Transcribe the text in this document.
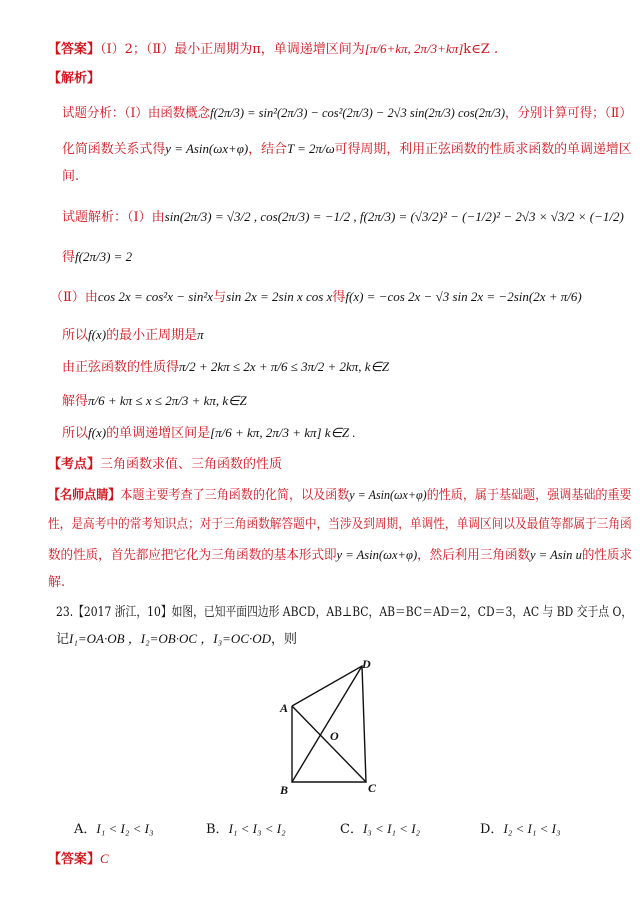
【答案】（Ⅰ）2；（Ⅱ）最小正周期为π，单调递增区间为[π/6+kπ, 2π/3+kπ]k∈Z .
【解析】
试题分析：（Ⅰ）由函数概念f(2π/3) = sin²(2π/3) − cos²(2π/3) − 2√3 sin(2π/3) cos(2π/3)，分别计算可得；（Ⅱ）
化简函数关系式得y = Asin(ωx+φ)，结合T = 2π/ω可得周期，利用正弦函数的性质求函数的单调递增区
间.
试题解析：（Ⅰ）由sin(2π/3) = √3/2 , cos(2π/3) = −1/2 , f(2π/3) = (√3/2)² − (−1/2)² − 2√3 × √3/2 × (−1/2)
得f(2π/3) = 2
（Ⅱ）由cos 2x = cos²x − sin²x与sin 2x = 2sin x cos x得f(x) = −cos 2x − √3 sin 2x = −2sin(2x + π/6)
所以f(x)的最小正周期是π
由正弦函数的性质得π/2 + 2kπ ≤ 2x + π/6 ≤ 3π/2 + 2kπ, k∈Z
解得π/6 + kπ ≤ x ≤ 2π/3 + kπ, k∈Z
所以f(x)的单调递增区间是[π/6 + kπ, 2π/3 + kπ] k∈Z .
【考点】三角函数求值、三角函数的性质
【名师点睛】本题主要考查了三角函数的化简，以及函数y = Asin(ωx+φ)的性质，属于基础题，强调基础的重要
性，是高考中的常考知识点；对于三角函数解答题中，当涉及到周期，单调性，单调区间以及最值等都属于三角函
数的性质，首先都应把它化为三角函数的基本形式即y = Asin(ωx+φ)，然后利用三角函数y = Asin u的性质求
解.
23.【2017 浙江，10】如图，已知平面四边形 ABCD，AB⊥BC，AB＝BC＝AD＝2，CD＝3，AC 与 BD 交于点 O，
记I₁=OA·OB ，I₂=OB·OC ，I₃=OC·OD，则
A
B	C
D
O
A．I₁ < I₂ < I₃	B．I₁ < I₃ < I₂	C．I₃ < I₁ < I₂	D．I₂ < I₁ < I₃
【答案】C
